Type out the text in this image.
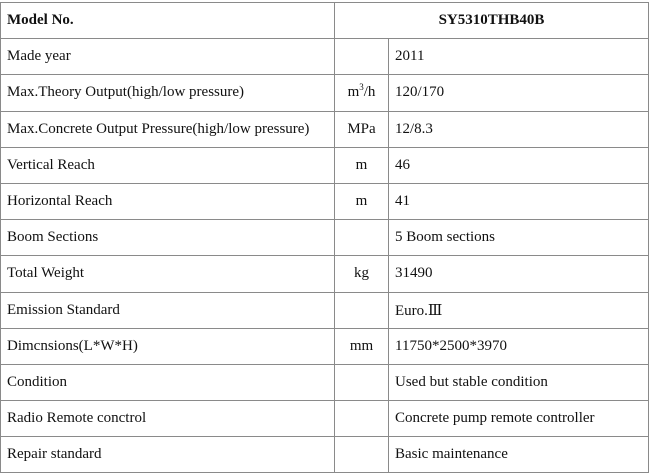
Model No.	SY5310THB40B	
Made year		2011
Max.Theory Output(high/low pressure)	$m^3/h$	120/170
Max.Concrete Output Pressure(high/low pressure)	MPa	12/8.3
Vertical Reach	m	46
Horizontal Reach	m	41
Boom Sections		5 Boom sections
Total Weight	kg	31490
Emission Standard		Euro.Ⅲ
Dimcnsions(L*W*H)	mm	11750*2500*3970
Condition		Used but stable condition
Radio Remote conctrol		Concrete pump remote controller
Repair standard		Basic maintenance
